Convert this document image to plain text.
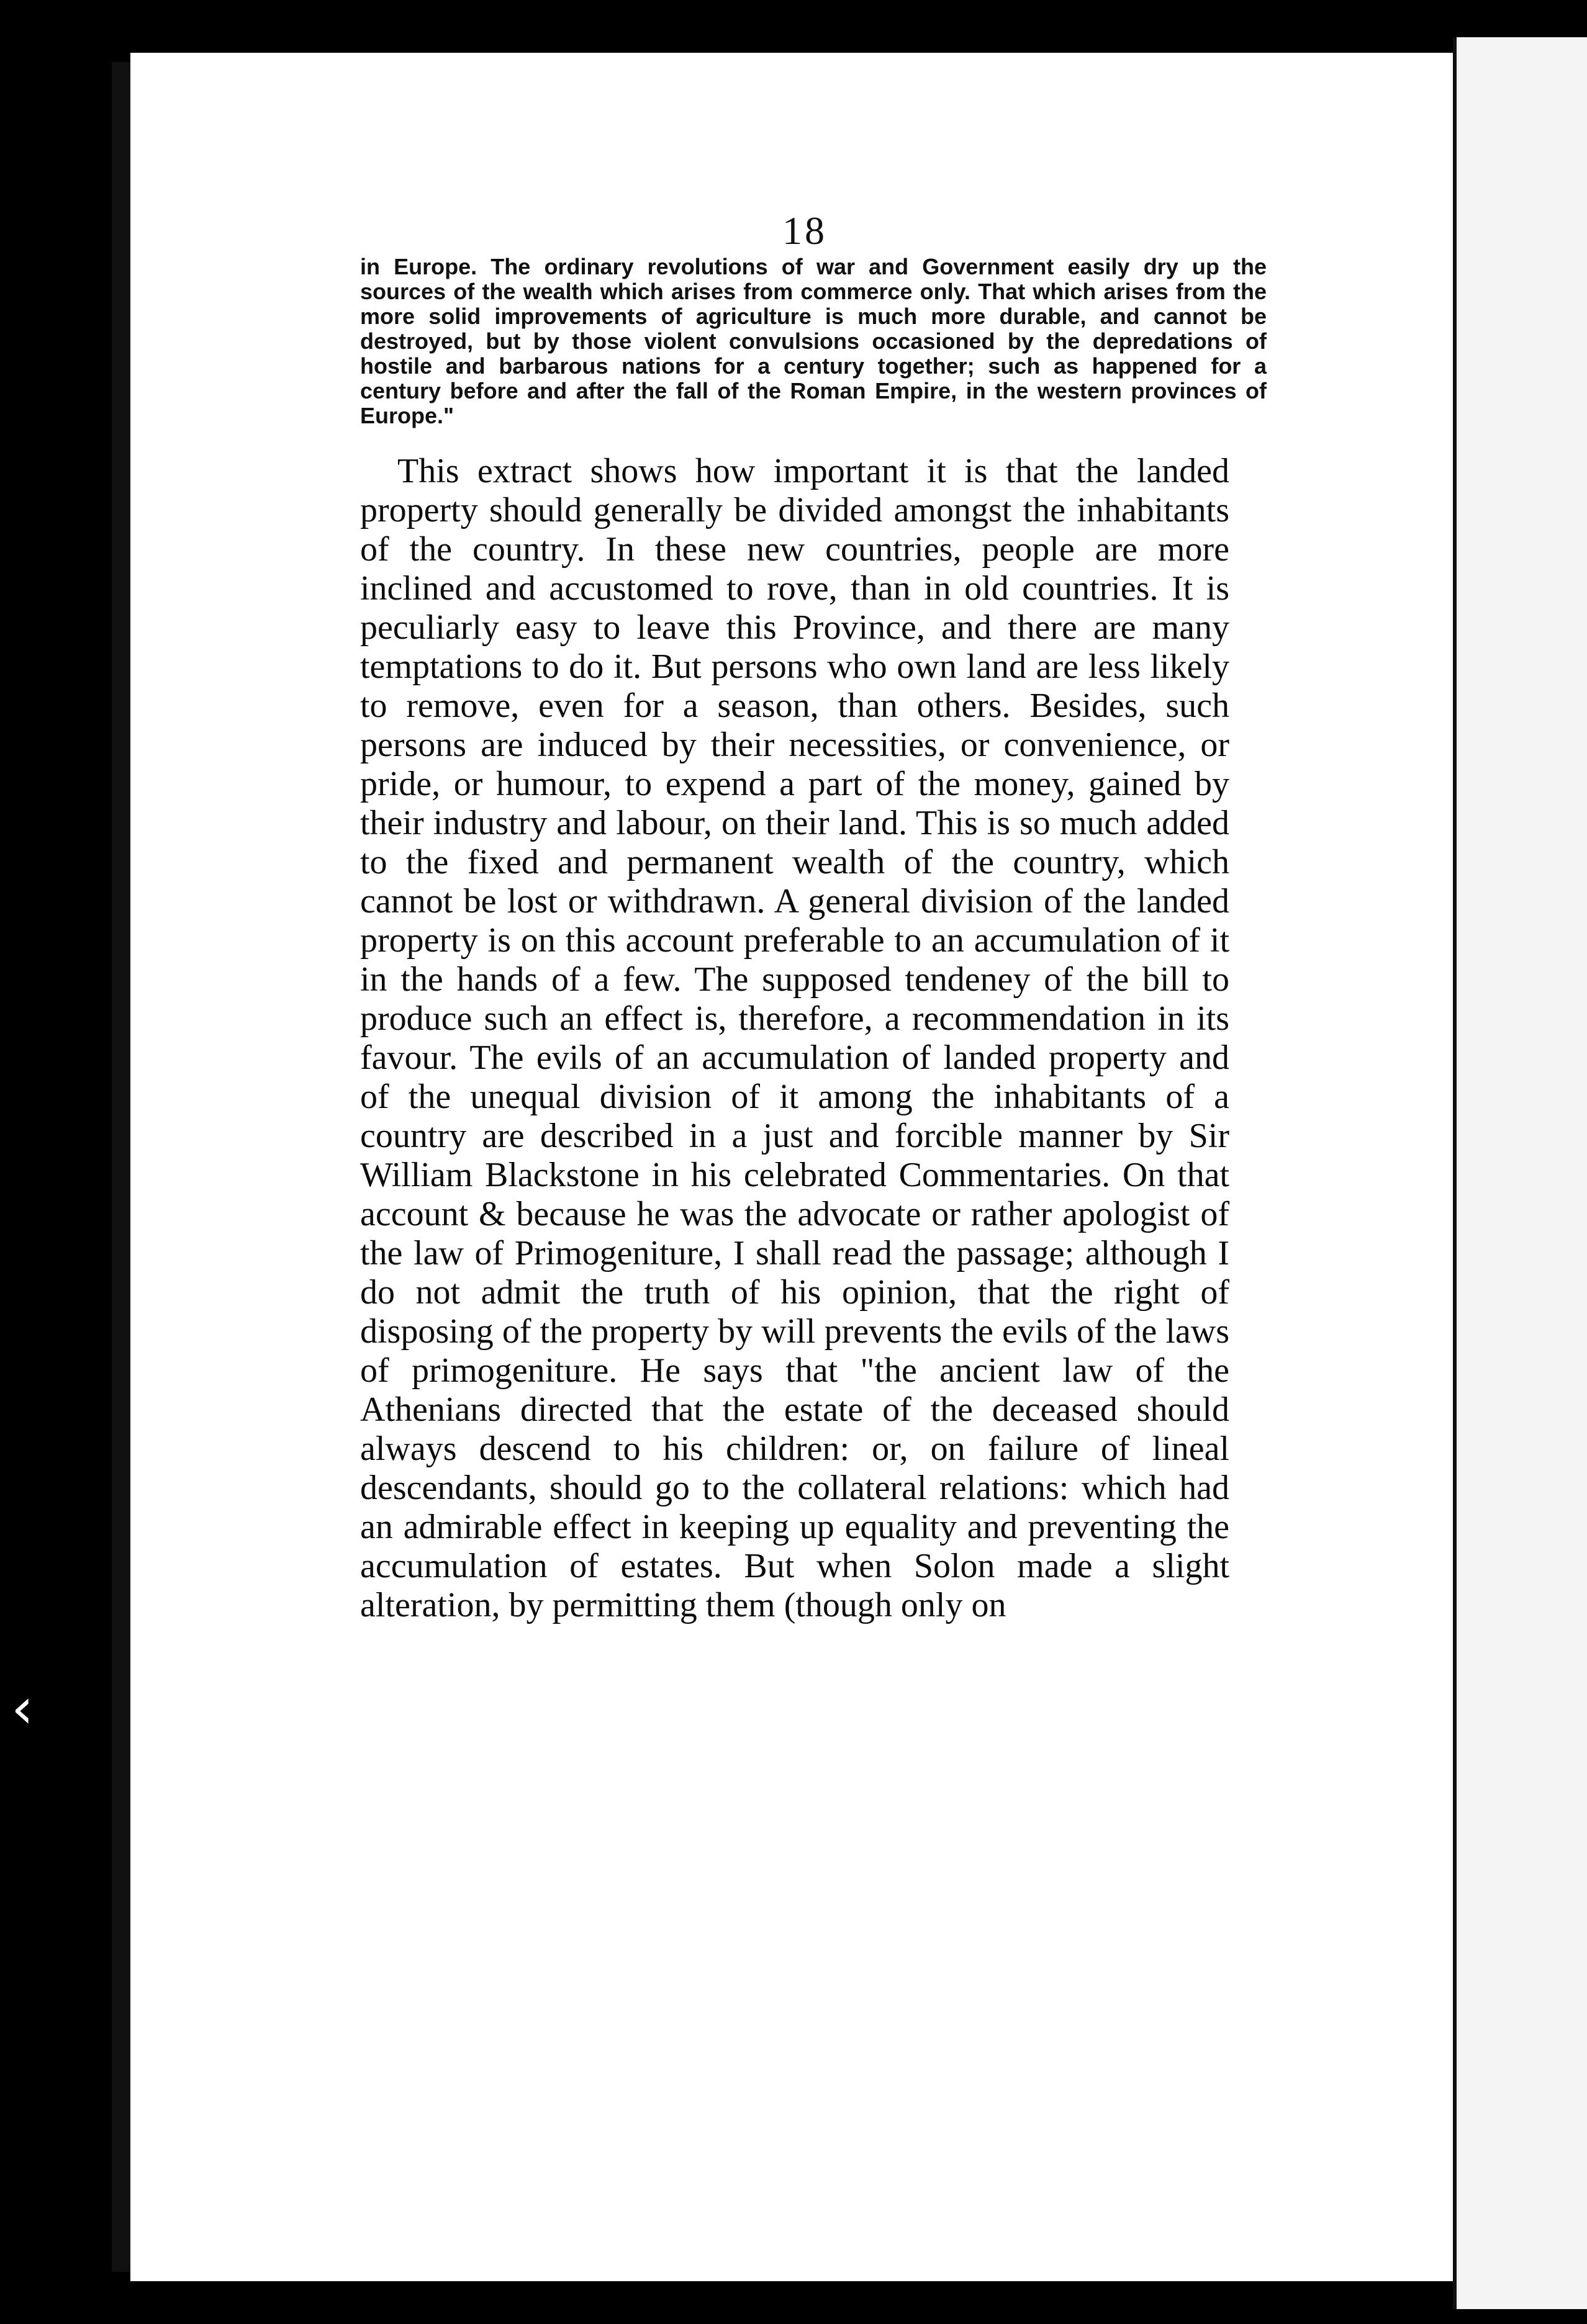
‹
18
in Europe. The ordinary revolutions of war and Government easily dry up the sources of the wealth which arises from commerce only. That which arises from the more solid improvements of agriculture is much more durable, and cannot be destroyed, but by those violent convulsions occasioned by the depredations of hostile and barbarous nations for a century together; such as happened for a century before and after the fall of the Roman Empire, in the western provinces of Europe."

This extract shows how important it is that the landed property should generally be divided amongst the inhabitants of the country. In these new countries, people are more inclined and accustomed to rove, than in old countries. It is peculiarly easy to leave this Province, and there are many temptations to do it. But persons who own land are less likely to remove, even for a season, than others. Besides, such persons are induced by their necessities, or convenience, or pride, or humour, to expend a part of the money, gained by their industry and labour, on their land. This is so much added to the fixed and permanent wealth of the country, which cannot be lost or withdrawn. A general division of the landed property is on this account preferable to an accumulation of it in the hands of a few. The supposed tendeney of the bill to produce such an effect is, therefore, a recommendation in its favour. The evils of an accumulation of landed property and of the unequal division of it among the inhabitants of a country are described in a just and forcible manner by Sir William Blackstone in his celebrated Commentaries. On that account & because he was the advocate or rather apologist of the law of Primogeniture, I shall read the passage; although I do not admit the truth of his opinion, that the right of disposing of the property by will prevents the evils of the laws of primogeniture. He says that "the ancient law of the Athenians directed that the estate of the deceased should always descend to his children: or, on failure of lineal descendants, should go to the collateral relations: which had an admirable effect in keeping up equality and preventing the accumulation of estates. But when Solon made a slight alteration, by permitting them (though only on
